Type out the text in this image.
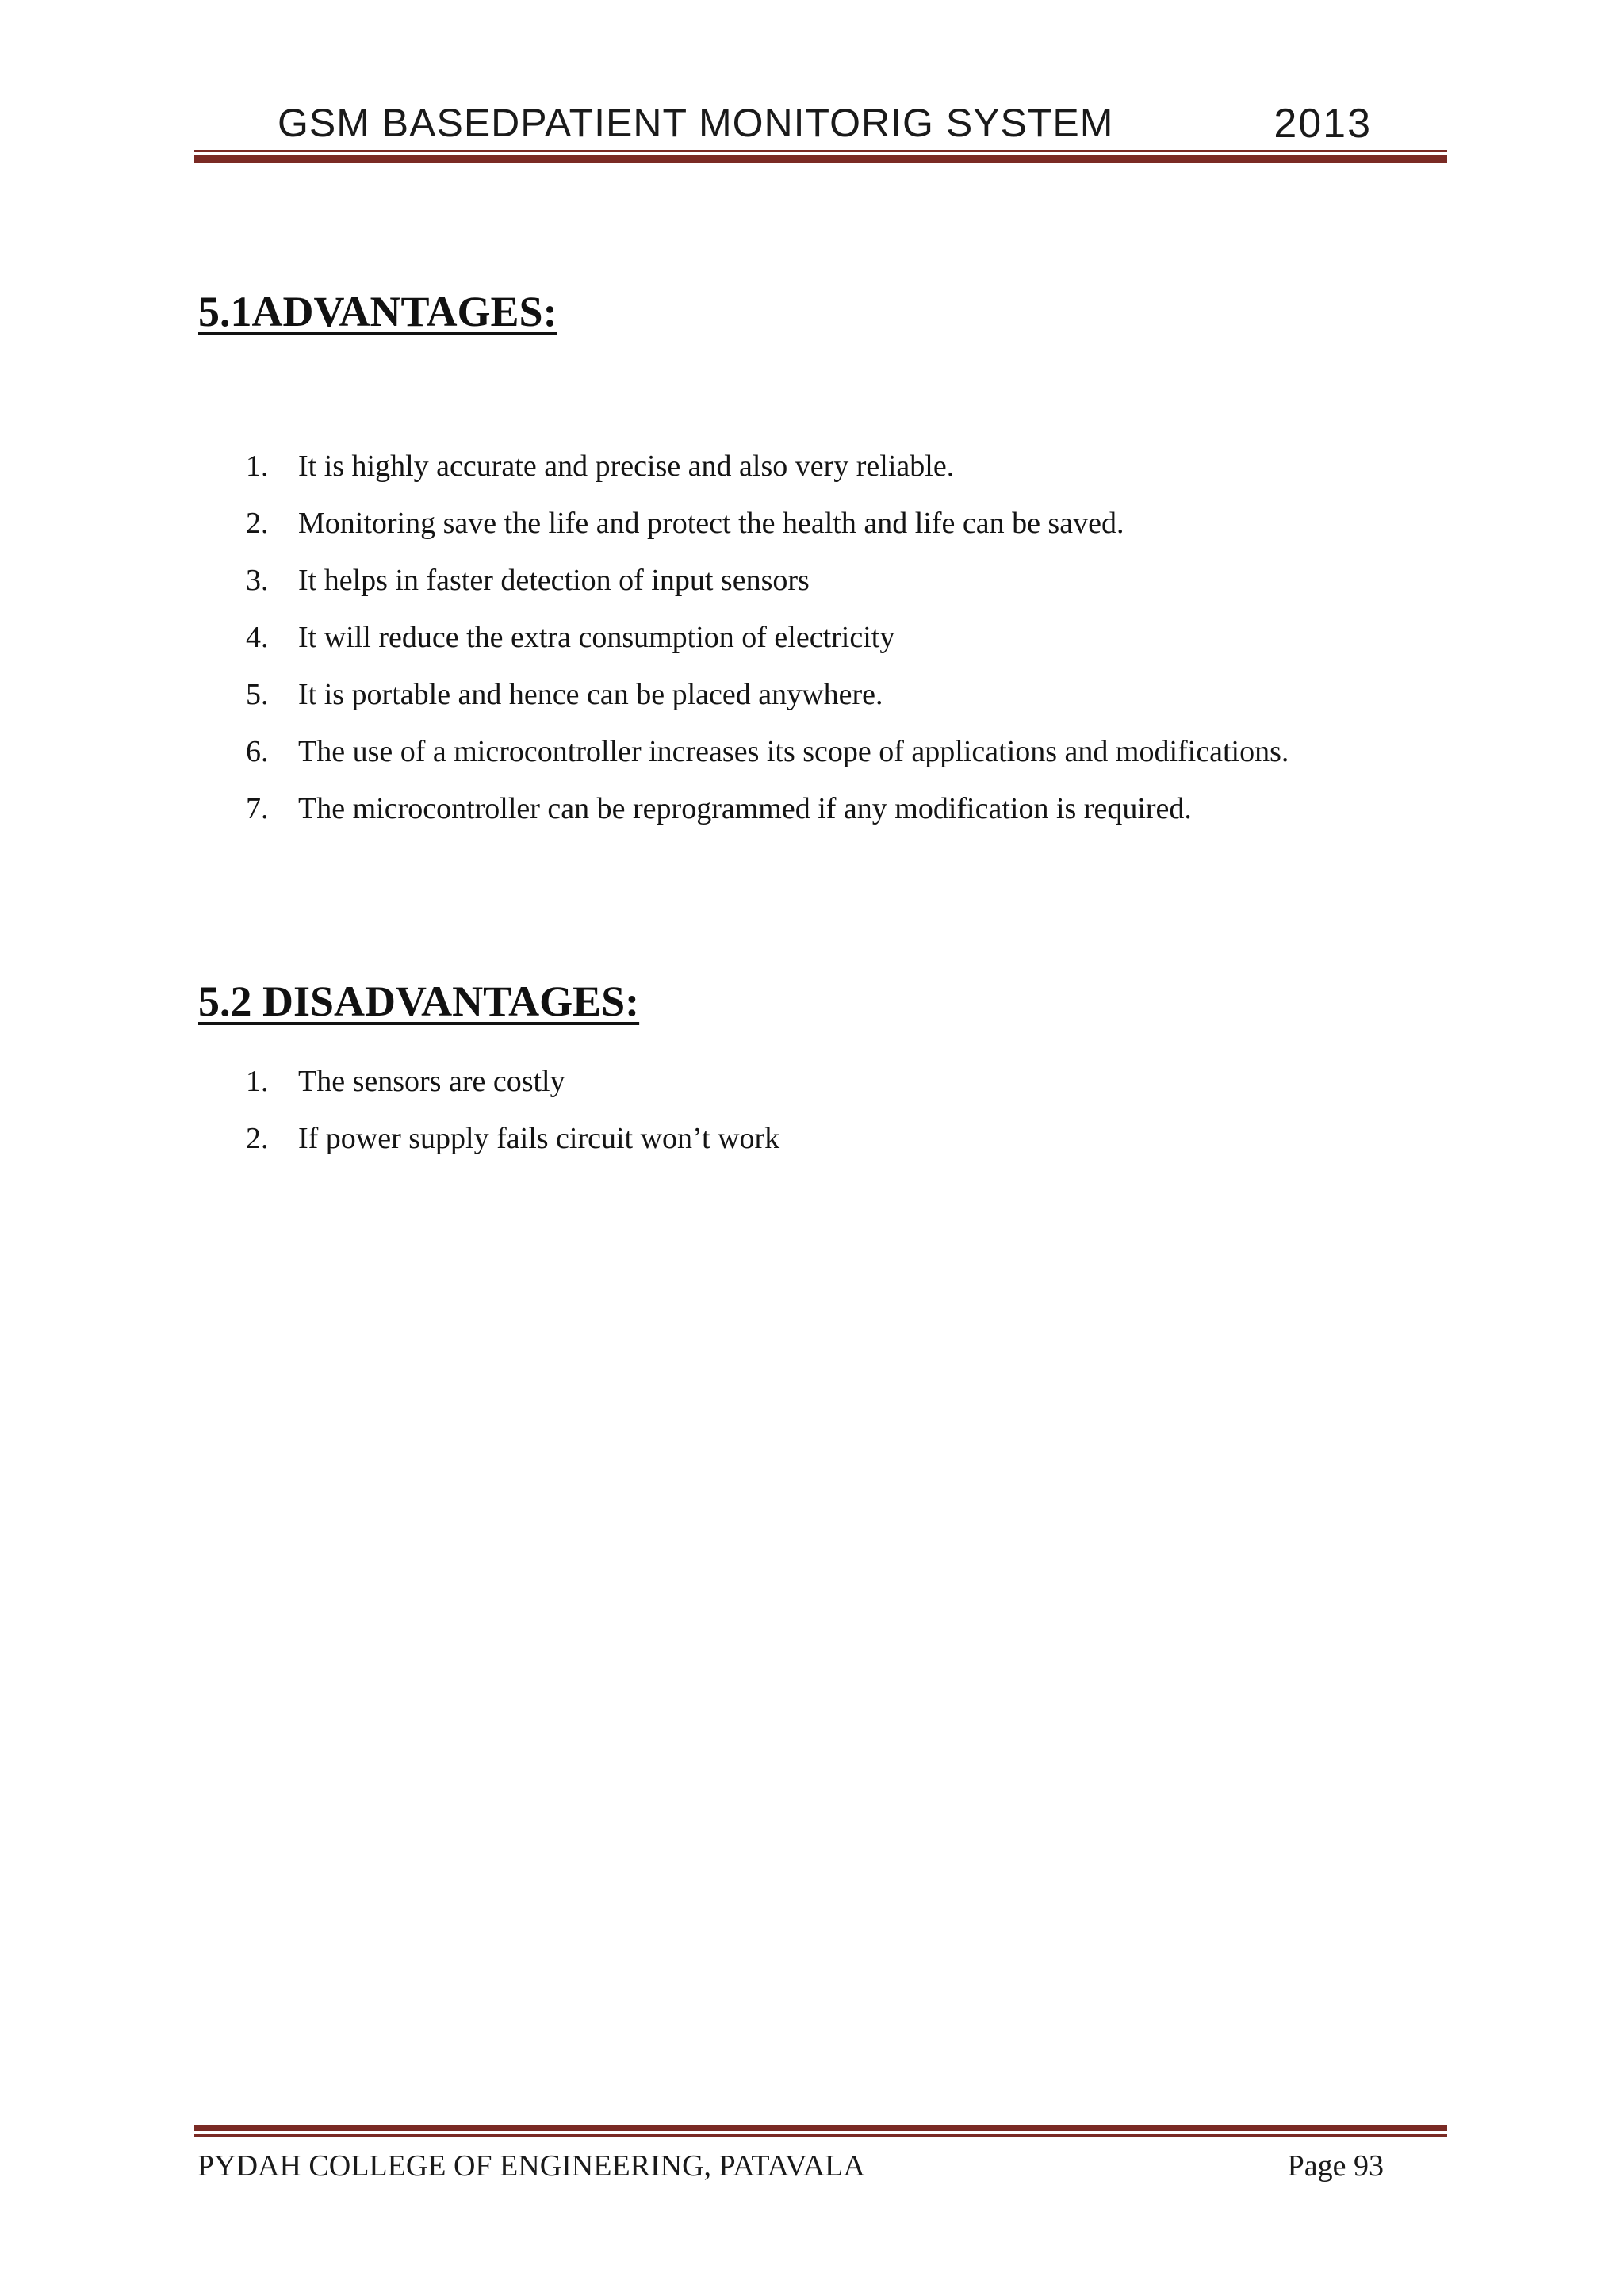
GSM BASEDPATIENT MONITORIG SYSTEM	2013
5.1ADVANTAGES:
1. It is highly accurate and precise and also very reliable.
2. Monitoring save the life and protect the health and life can be saved.
3. It helps in faster detection of input sensors
4. It will reduce the extra consumption of electricity
5. It is portable and hence can be placed anywhere.
6. The use of a microcontroller increases its scope of applications and modifications.
7. The microcontroller can be reprogrammed if any modification is required.
5.2 DISADVANTAGES:
1. The sensors are costly
2. If power supply fails circuit won’t work
PYDAH COLLEGE OF ENGINEERING, PATAVALA	Page 93
